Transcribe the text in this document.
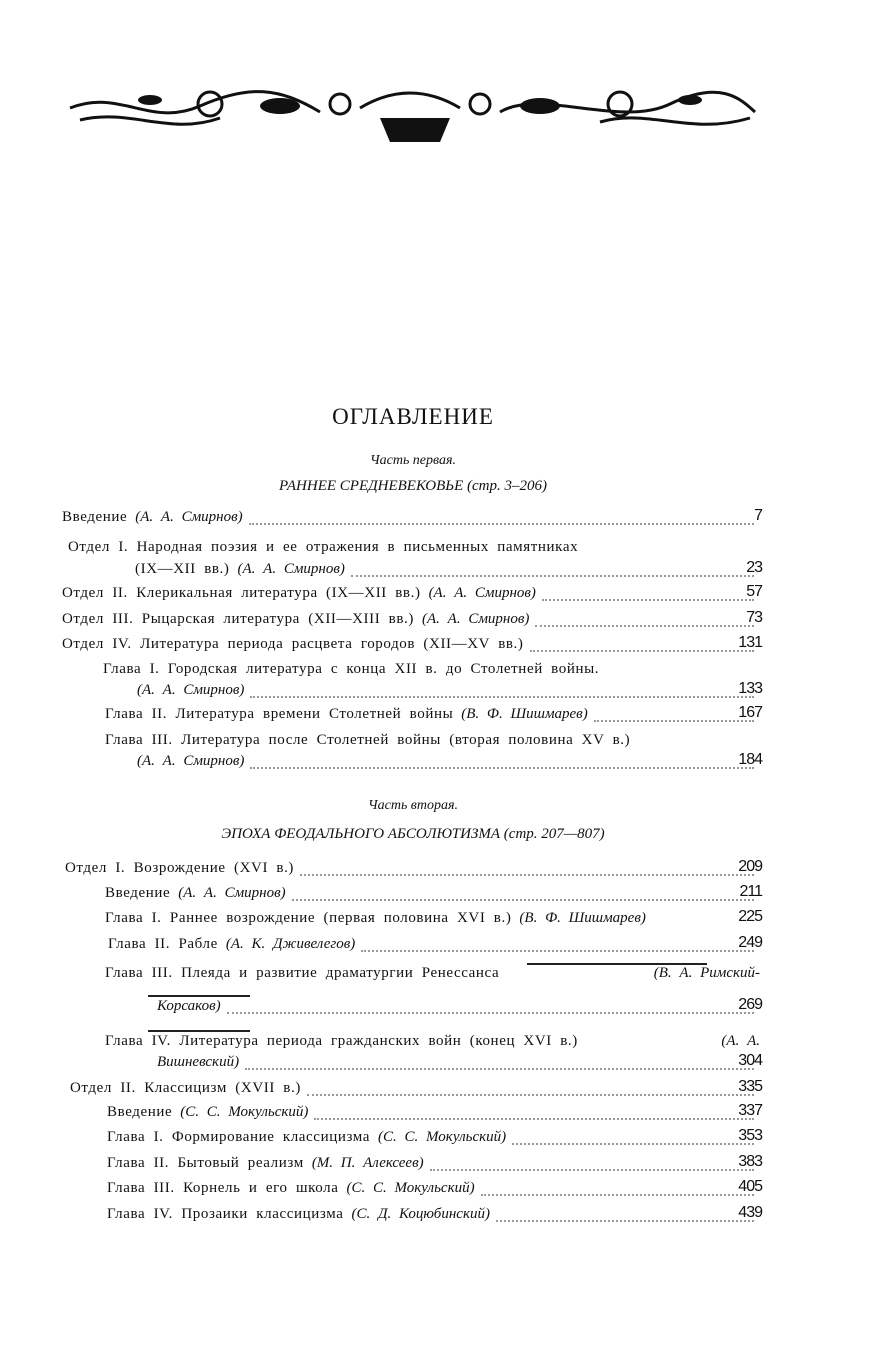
ОГЛАВЛЕНИЕ
Часть первая.
РАННЕЕ СРЕДНЕВЕКОВЬЕ (стр. 3–206)
Введение (А. А. Смирнов)	7
Отдел I. Народная поэзия и ее отражения в письменных памятниках
(IX—XII вв.) (А. А. Смирнов)	23
Отдел II. Клерикальная литература (IX—XII вв.) (А. А. Смирнов)	57
Отдел III. Рыцарская литература (XII—XIII вв.) (А. А. Смирнов)	73
Отдел IV. Литература периода расцвета городов (XII—XV вв.)	131
Глава I. Городская литература с конца XII в. до Столетней войны.
(А. А. Смирнов)	133
Глава II. Литература времени Столетней войны (В. Ф. Шишмарев)	167
Глава III. Литература после Столетней войны (вторая половина XV в.)
(А. А. Смирнов)	184
Часть вторая.
ЭПОХА ФЕОДАЛЬНОГО АБСОЛЮТИЗМА (стр. 207—807)
Отдел I. Возрождение (XVI в.)	209
Введение (А. А. Смирнов)	211
Глава I. Раннее возрождение (первая половина XVI в.) (В. Ф. Шишмарев)	225
Глава II. Рабле (А. К. Дживелегов)	249
Глава III. Плеяда и развитие драматургии Ренессанса	(В. А. Римский-
Корсаков)	269
Глава IV. Литература периода гражданских войн (конец XVI в.)	(А. А.
Вишневский)	304
Отдел II. Классицизм (XVII в.)	335
Введение (С. С. Мокульский)	337
Глава I. Формирование классицизма (С. С. Мокульский)	353
Глава II. Бытовый реализм (М. П. Алексеев)	383
Глава III. Корнель и его школа (С. С. Мокульский)	405
Глава IV. Прозаики классицизма (С. Д. Коцюбинский)	439
